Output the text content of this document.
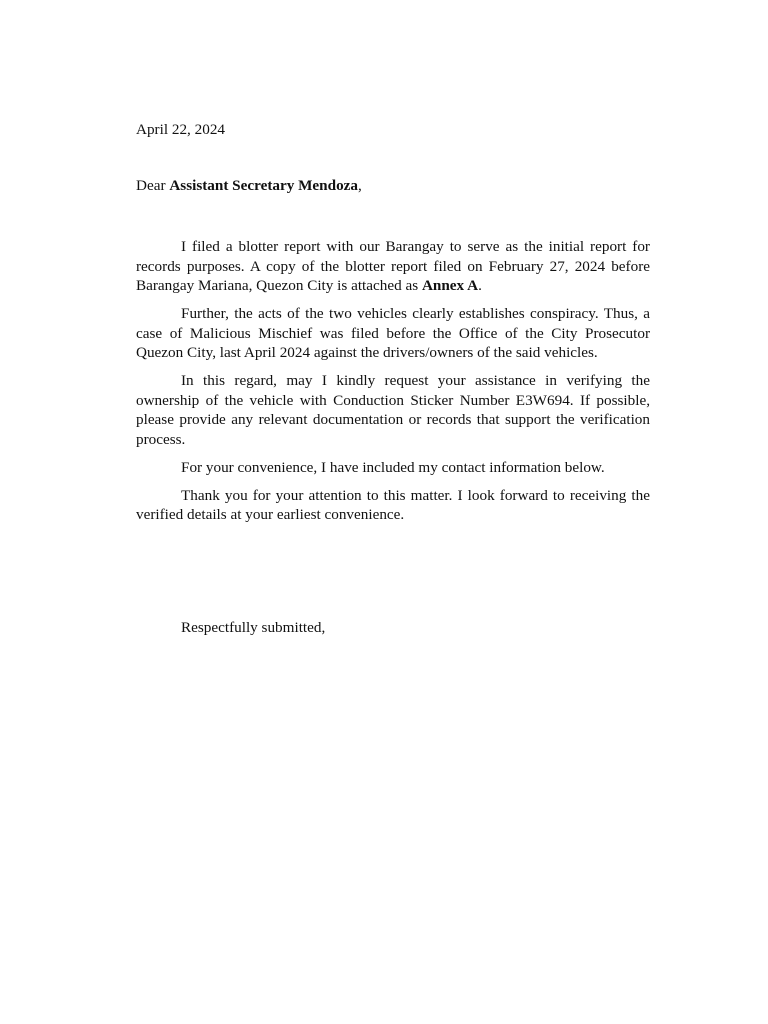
April 22, 2024

Dear Assistant Secretary Mendoza,

I filed a blotter report with our Barangay to serve as the initial report for records purposes. A copy of the blotter report filed on February 27, 2024 before Barangay Mariana, Quezon City is attached as Annex A.

Further, the acts of the two vehicles clearly establishes conspiracy. Thus, a case of Malicious Mischief was filed before the Office of the City Prosecutor Quezon City, last April 2024 against the drivers/owners of the said vehicles.

In this regard, may I kindly request your assistance in verifying the ownership of the vehicle with Conduction Sticker Number E3W694. If possible, please provide any relevant documentation or records that support the verification process.

For your convenience, I have included my contact information below.

Thank you for your attention to this matter. I look forward to receiving the verified details at your earliest convenience.

Respectfully submitted,
